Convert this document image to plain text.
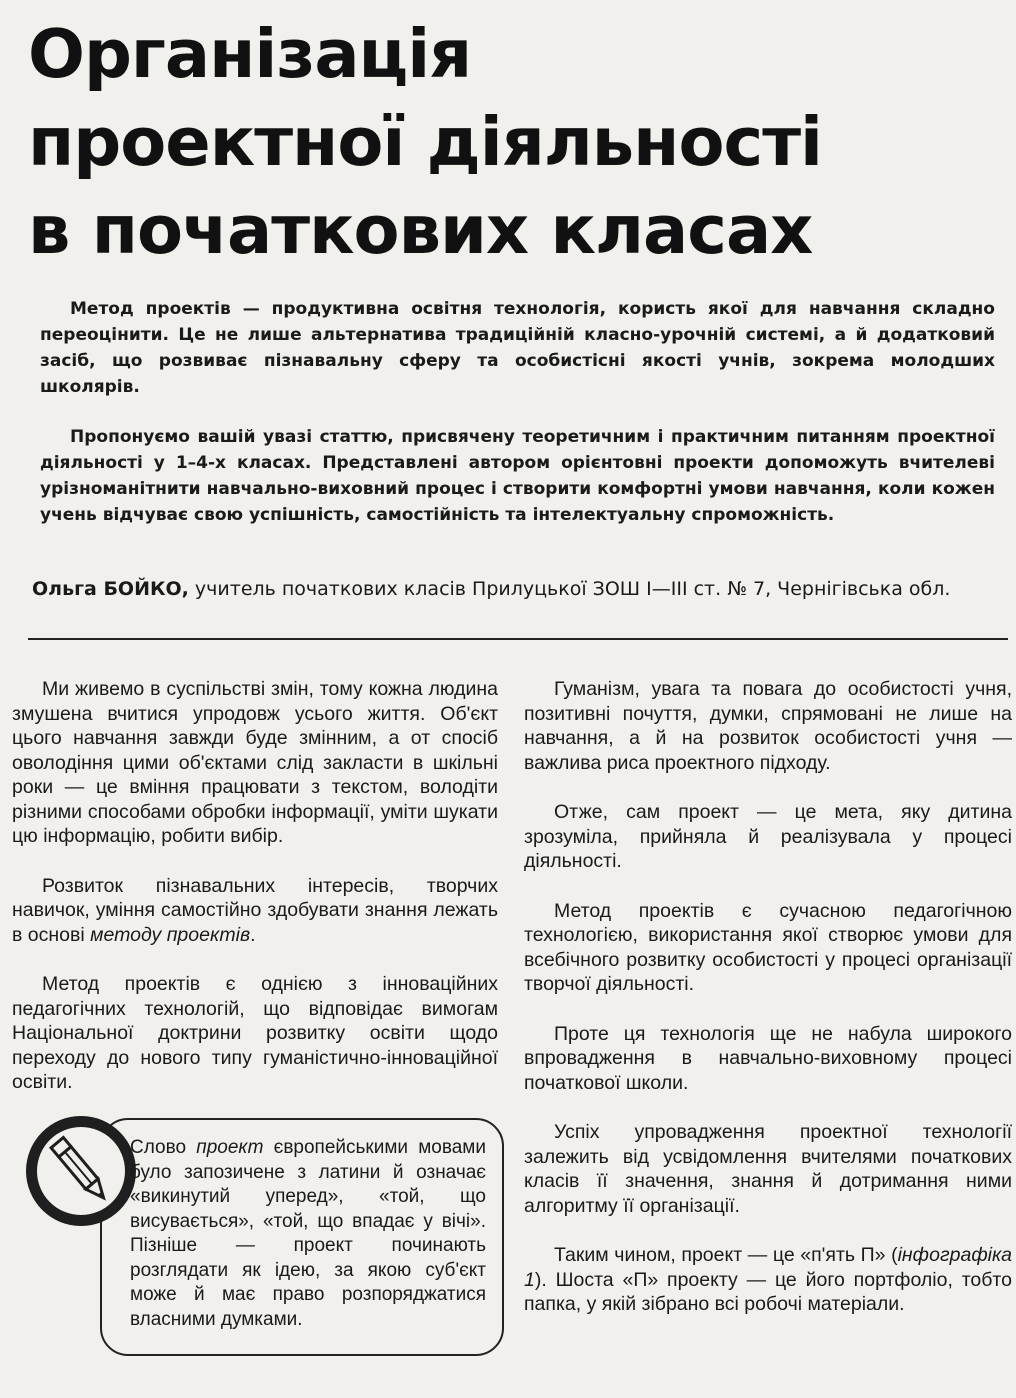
Організація
проектної діяльності
в початкових класах

Метод проектів — продуктивна освітня технологія, користь якої для навчання складно переоцінити. Це не лише альтернатива традиційній класно-урочній системі, а й додатковий засіб, що розвиває пізнавальну сферу та особистісні якості учнів, зокрема молодших школярів.

Пропонуємо вашій увазі статтю, присвячену теоретичним і практичним питанням проектної діяльності у 1–4-х класах. Представлені автором орієнтовні проекти допоможуть вчителеві урізноманітнити навчально-виховний процес і створити комфортні умови навчання, коли кожен учень відчуває свою успішність, самостійність та інтелектуальну спроможність.

Ольга БОЙКО, учитель початкових класів Прилуцької ЗОШ І—ІІІ ст. № 7, Чернігівська обл.

Ми живемо в суспільстві змін, тому кожна людина змушена вчитися упродовж усього життя. Об'єкт цього навчання завжди буде змінним, а от спосіб оволодіння цими об'єктами слід закласти в шкільні роки — це вміння працювати з текстом, володіти різними способами обробки інформації, уміти шукати цю інформацію, робити вибір.

Розвиток пізнавальних інтересів, творчих навичок, уміння самостійно здобувати знання лежать в основі методу проектів.

Метод проектів є однією з інноваційних педагогічних технологій, що відповідає вимогам Національної доктрини розвитку освіти щодо переходу до нового типу гуманістично-інноваційної освіти.

Слово проект європейськими мовами було запозичене з латини й означає «викинутий уперед», «той, що висувається», «той, що впадає у вічі». Пізніше — проект починають розглядати як ідею, за якою суб'єкт може й має право розпоряджатися власними думками.

Гуманізм, увага та повага до особистості учня, позитивні почуття, думки, спрямовані не лише на навчання, а й на розвиток особистості учня — важлива риса проектного підходу.

Отже, сам проект — це мета, яку дитина зрозуміла, прийняла й реалізувала у процесі діяльності.

Метод проектів є сучасною педагогічною технологією, використання якої створює умови для всебічного розвитку особистості у процесі організації творчої діяльності.

Проте ця технологія ще не набула широкого впровадження в навчально-виховному процесі початкової школи.

Успіх упровадження проектної технології залежить від усвідомлення вчителями початкових класів її значення, знання й дотримання ними алгоритму її організації.

Таким чином, проект — це «п'ять П» (інфографіка 1). Шоста «П» проекту — це його портфоліо, тобто папка, у якій зібрано всі робочі матеріали.
